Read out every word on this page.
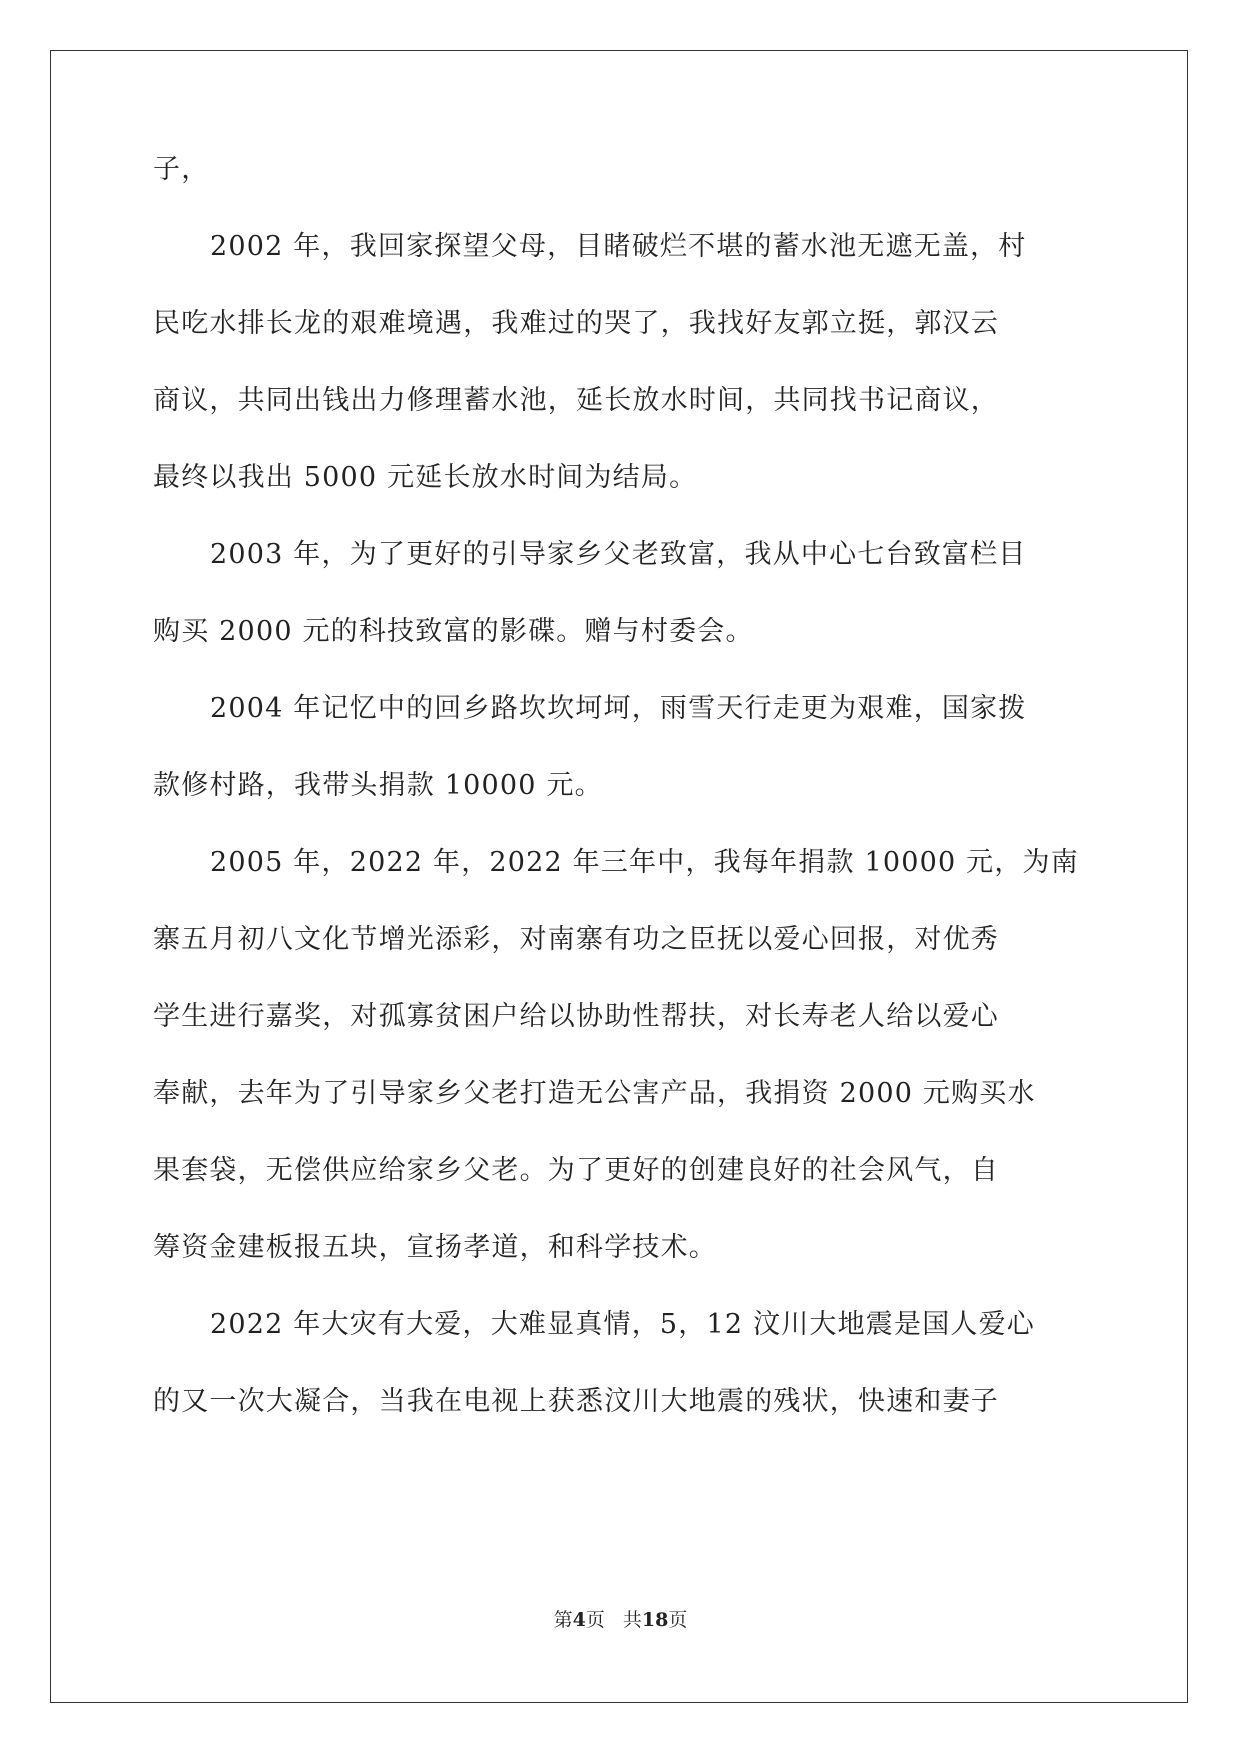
子，
2002 年，我回家探望父母，目睹破烂不堪的蓄水池无遮无盖，村
民吃水排长龙的艰难境遇，我难过的哭了，我找好友郭立挺，郭汉云
商议，共同出钱出力修理蓄水池，延长放水时间，共同找书记商议，
最终以我出 5000 元延长放水时间为结局。
2003 年，为了更好的引导家乡父老致富，我从中心七台致富栏目
购买 2000 元的科技致富的影碟。赠与村委会。
2004 年记忆中的回乡路坎坎坷坷，雨雪天行走更为艰难，国家拨
款修村路，我带头捐款 10000 元。
2005 年，2022 年，2022 年三年中，我每年捐款 10000 元，为南
寨五月初八文化节增光添彩，对南寨有功之臣抚以爱心回报，对优秀
学生进行嘉奖，对孤寡贫困户给以协助性帮扶，对长寿老人给以爱心
奉献，去年为了引导家乡父老打造无公害产品，我捐资 2000 元购买水
果套袋，无偿供应给家乡父老。为了更好的创建良好的社会风气，自
筹资金建板报五块，宣扬孝道，和科学技术。
2022 年大灾有大爱，大难显真情，5，12 汶川大地震是国人爱心
的又一次大凝合，当我在电视上获悉汶川大地震的残状，快速和妻子
第4页 共18页
